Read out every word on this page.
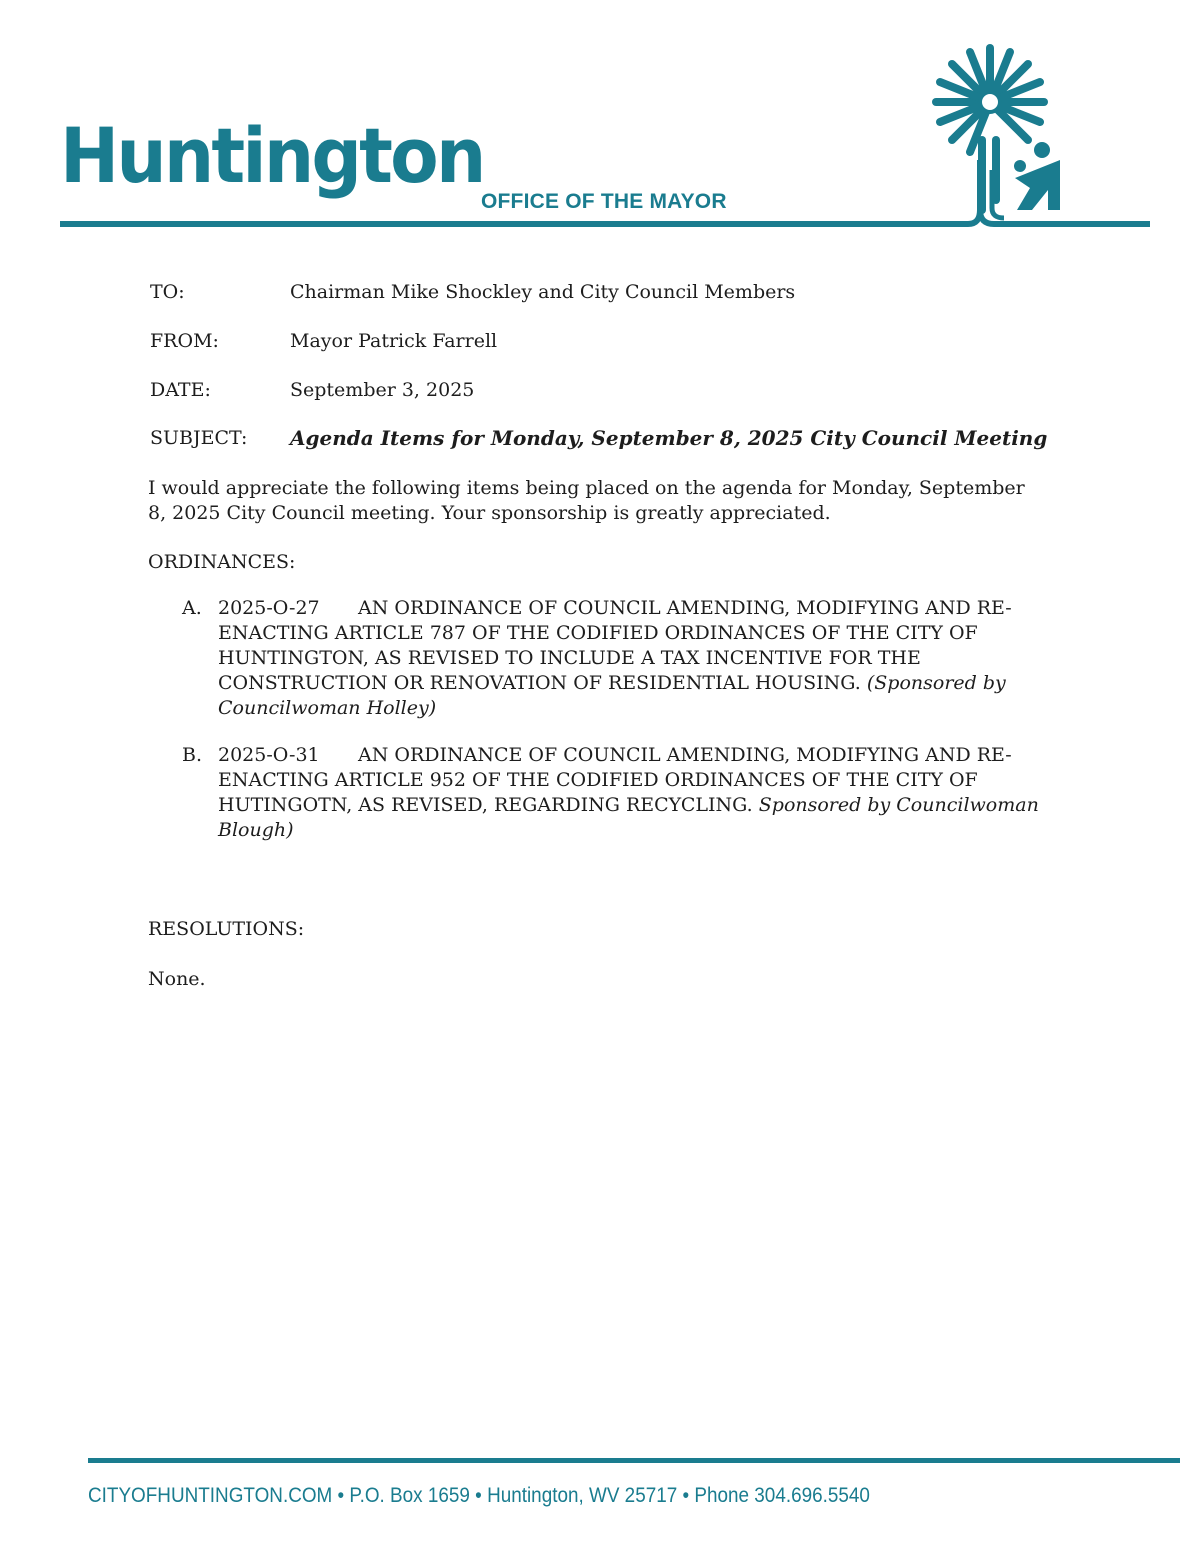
Huntington
OFFICE OF THE MAYOR
TO:	Chairman Mike Shockley and City Council Members
FROM:	Mayor Patrick Farrell
DATE:	September 3, 2025
SUBJECT: Agenda Items for Monday, September 8, 2025 City Council Meeting
I would appreciate the following items being placed on the agenda for Monday, September 8, 2025 City Council meeting. Your sponsorship is greatly appreciated.
ORDINANCES:
A. 2025-O-27	AN ORDINANCE OF COUNCIL AMENDING, MODIFYING AND RE-ENACTING ARTICLE 787 OF THE CODIFIED ORDINANCES OF THE CITY OF HUNTINGTON, AS REVISED TO INCLUDE A TAX INCENTIVE FOR THE CONSTRUCTION OR RENOVATION OF RESIDENTIAL HOUSING. (Sponsored by Councilwoman Holley)
B. 2025-O-31	AN ORDINANCE OF COUNCIL AMENDING, MODIFYING AND RE-ENACTING ARTICLE 952 OF THE CODIFIED ORDINANCES OF THE CITY OF HUTINGOTN, AS REVISED, REGARDING RECYCLING. Sponsored by Councilwoman Blough)
RESOLUTIONS:
None.
CITYOFHUNTINGTON.COM • P.O. Box 1659 • Huntington, WV 25717 • Phone 304.696.5540
